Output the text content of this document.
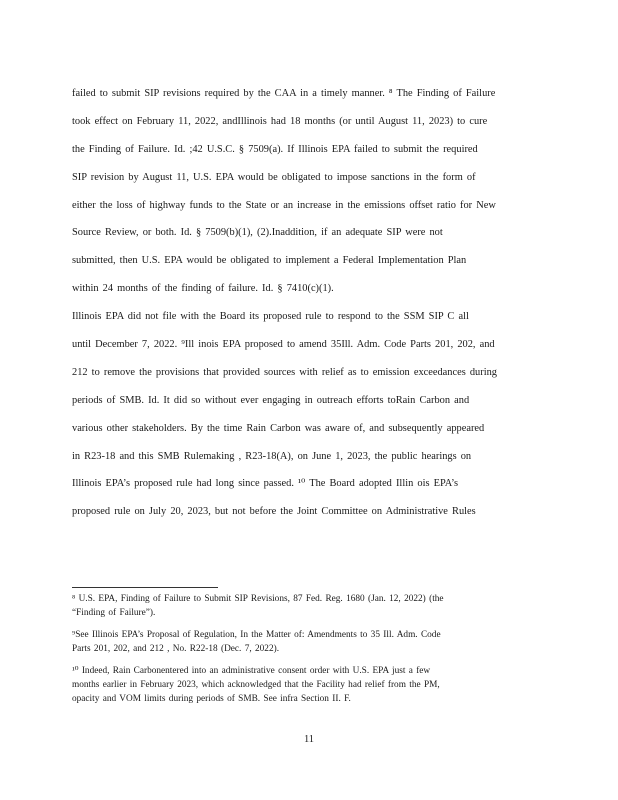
failed to submit SIP revisions required by the CAA in a timely manner. ⁸ The Finding of Failure
took effect on February 11, 2022, andIllinois had 18 months (or until August 11, 2023) to cure
the Finding of Failure. Id. ;42 U.S.C. § 7509(a). If Illinois EPA failed to submit the required
SIP revision by August 11, U.S. EPA would be obligated to impose sanctions in the form of
either the loss of highway funds to the State or an increase in the emissions offset ratio for New
Source Review, or both. Id. § 7509(b)(1), (2).Inaddition, if an adequate SIP were not
submitted, then U.S. EPA would be obligated to implement a Federal Implementation Plan
within 24 months of the finding of failure. Id. § 7410(c)(1).
Illinois EPA did not file with the Board its proposed rule to respond to the SSM SIP C all
until December 7, 2022. ⁹Ill inois EPA proposed to amend 35Ill. Adm. Code Parts 201, 202, and
212 to remove the provisions that provided sources with relief as to emission exceedances during
periods of SMB. Id. It did so without ever engaging in outreach efforts toRain Carbon and
various other stakeholders. By the time Rain Carbon was aware of, and subsequently appeared
in R23-18 and this SMB Rulemaking , R23-18(A), on June 1, 2023, the public hearings on
Illinois EPA’s proposed rule had long since passed. ¹⁰ The Board adopted Illin ois EPA’s
proposed rule on July 20, 2023, but not before the Joint Committee on Administrative Rules
⁸ U.S. EPA, Finding of Failure to Submit SIP Revisions, 87 Fed. Reg. 1680 (Jan. 12, 2022) (the
“Finding of Failure”).
⁹See Illinois EPA’s Proposal of Regulation, In the Matter of: Amendments to 35 Ill. Adm. Code
Parts 201, 202, and 212 , No. R22-18 (Dec. 7, 2022).
¹⁰ Indeed, Rain Carbonentered into an administrative consent order with U.S. EPA just a few
months earlier in February 2023, which acknowledged that the Facility had relief from the PM,
opacity and VOM limits during periods of SMB. See infra Section II. F.
11
